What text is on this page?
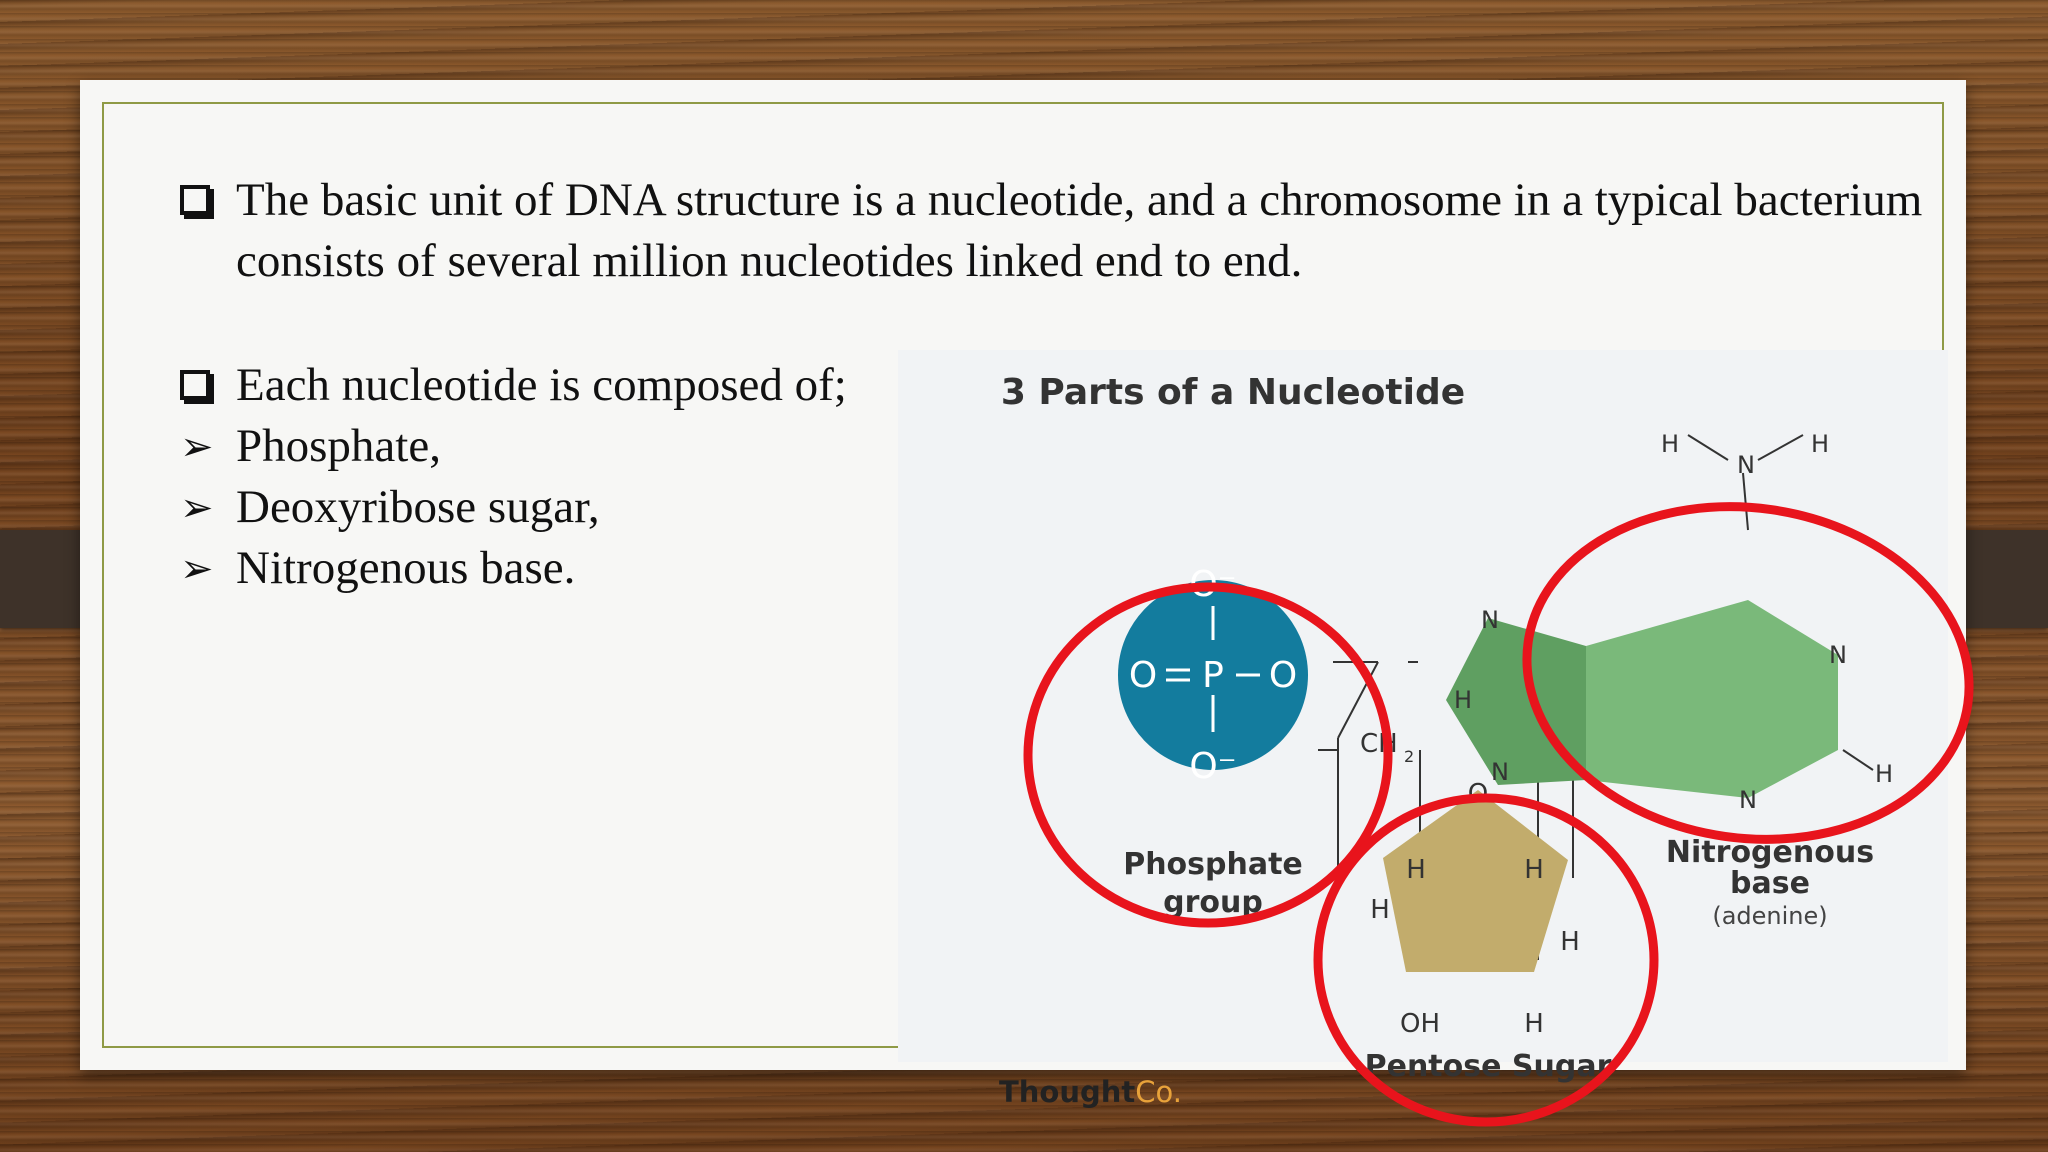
The basic unit of DNA structure is a nucleotide, and a chromosome in a typical bacterium consists of several million nucleotides linked end to end.
Each nucleotide is composed of;
➢ Phosphate,
➢ Deoxyribose sugar,
➢ Nitrogenous base.
3 Parts of a Nucleotide
O⁻
O P O
O⁻
Phosphate
group
CH 2
O
H	H
H
H
OH	H
Pentose Sugar
H
N
H
N
N
H
N
N
H
Nitrogenous
base
(adenine)
ThoughtCo.
